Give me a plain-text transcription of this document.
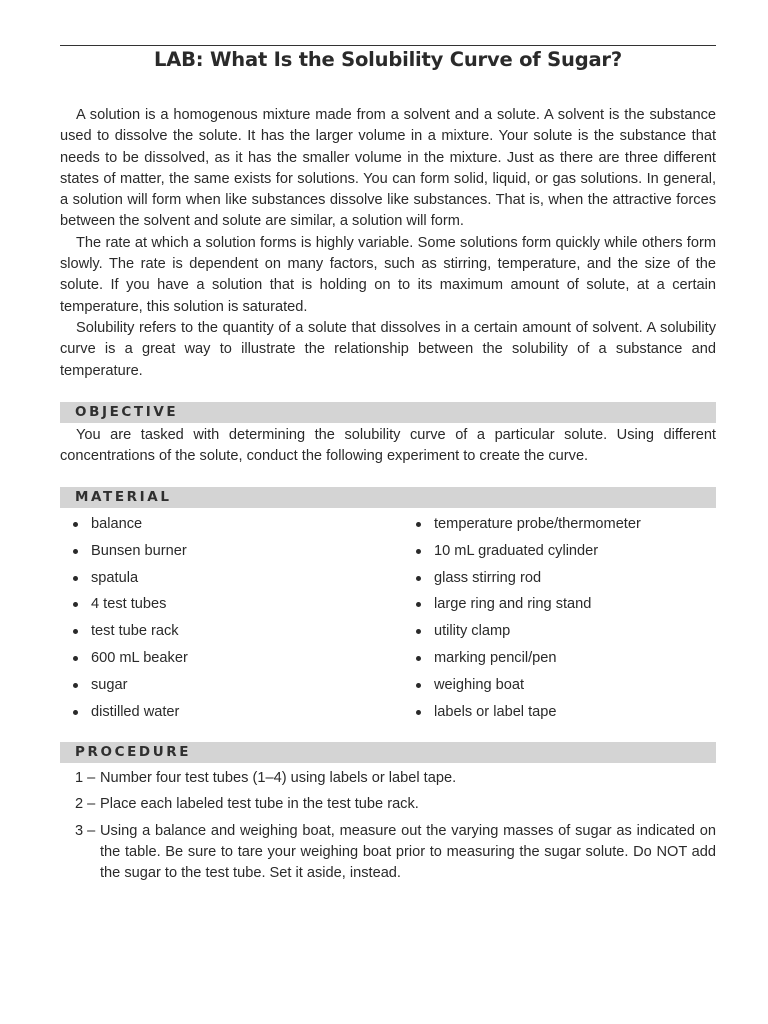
LAB: What Is the Solubility Curve of Sugar?

A solution is a homogenous mixture made from a solvent and a solute. A solvent is the substance used to dissolve the solute. It has the larger volume in a mixture. Your solute is the substance that needs to be dissolved, as it has the smaller volume in the mixture. Just as there are three different states of matter, the same exists for solutions. You can form solid, liquid, or gas solutions. In general, a solution will form when like substances dissolve like substances. That is, when the attractive forces between the solvent and solute are similar, a solution will form.

The rate at which a solution forms is highly variable. Some solutions form quickly while others form slowly. The rate is dependent on many factors, such as stirring, temperature, and the size of the solute. If you have a solution that is holding on to its maximum amount of solute, at a certain temperature, this solution is saturated.

Solubility refers to the quantity of a solute that dissolves in a certain amount of solvent. A solubility curve is a great way to illustrate the relationship between the solubility of a substance and temperature.

OBJECTIVE

You are tasked with determining the solubility curve of a particular solute. Using different concentrations of the solute, conduct the following experiment to create the curve.

MATERIAL
balance
Bunsen burner
spatula
4 test tubes
test tube rack
600 mL beaker
sugar
distilled water
temperature probe/thermometer
10 mL graduated cylinder
glass stirring rod
large ring and ring stand
utility clamp
marking pencil/pen
weighing boat
labels or label tape
PROCEDURE

1 – Number four test tubes (1–4) using labels or label tape.

2 – Place each labeled test tube in the test tube rack.

3 – Using a balance and weighing boat, measure out the varying masses of sugar as indicated on the table. Be sure to tare your weighing boat prior to measuring the sugar solute. Do NOT add the sugar to the test tube. Set it aside, instead.
